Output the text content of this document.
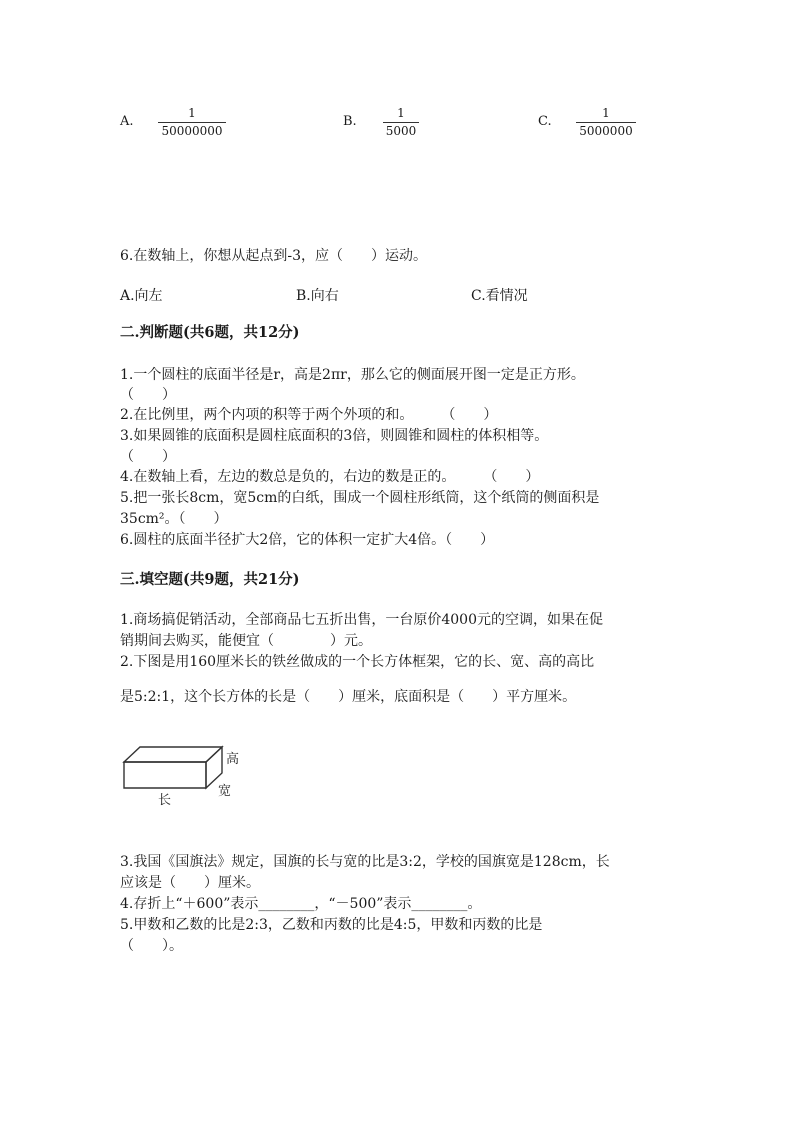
A.
1
50000000
B.
1
5000
C.
1
5000000
6.在数轴上，你想从起点到-3，应（　　）运动。
A.向左	B.向右	C.看情况
二.判断题(共6题，共12分)
1.一个圆柱的底面半径是r，高是2πr，那么它的侧面展开图一定是正方形。
（　　）
2.在比例里，两个内项的积等于两个外项的和。　　　（　　）
3.如果圆锥的底面积是圆柱底面积的3倍，则圆锥和圆柱的体积相等。
（　　）
4.在数轴上看，左边的数总是负的，右边的数是正的。　　　（　　）
5.把一张长8cm，宽5cm的白纸，围成一个圆柱形纸筒，这个纸筒的侧面积是
35cm²。（　　）
6.圆柱的底面半径扩大2倍，它的体积一定扩大4倍。（　　）
三.填空题(共9题，共21分)
1.商场搞促销活动，全部商品七五折出售，一台原价4000元的空调，如果在促
销期间去购买，能便宜（　　　　）元。
2.下图是用160厘米长的铁丝做成的一个长方体框架，它的长、宽、高的高比
是5:2:1，这个长方体的长是（　　）厘米，底面积是（　　）平方厘米。
高
宽
长
3.我国《国旗法》规定，国旗的长与宽的比是3:2，学校的国旗宽是128cm，长
应该是（　　）厘米。
4.存折上“＋600”表示________，“－500”表示________。
5.甲数和乙数的比是2:3，乙数和丙数的比是4:5，甲数和丙数的比是
（　　）。
